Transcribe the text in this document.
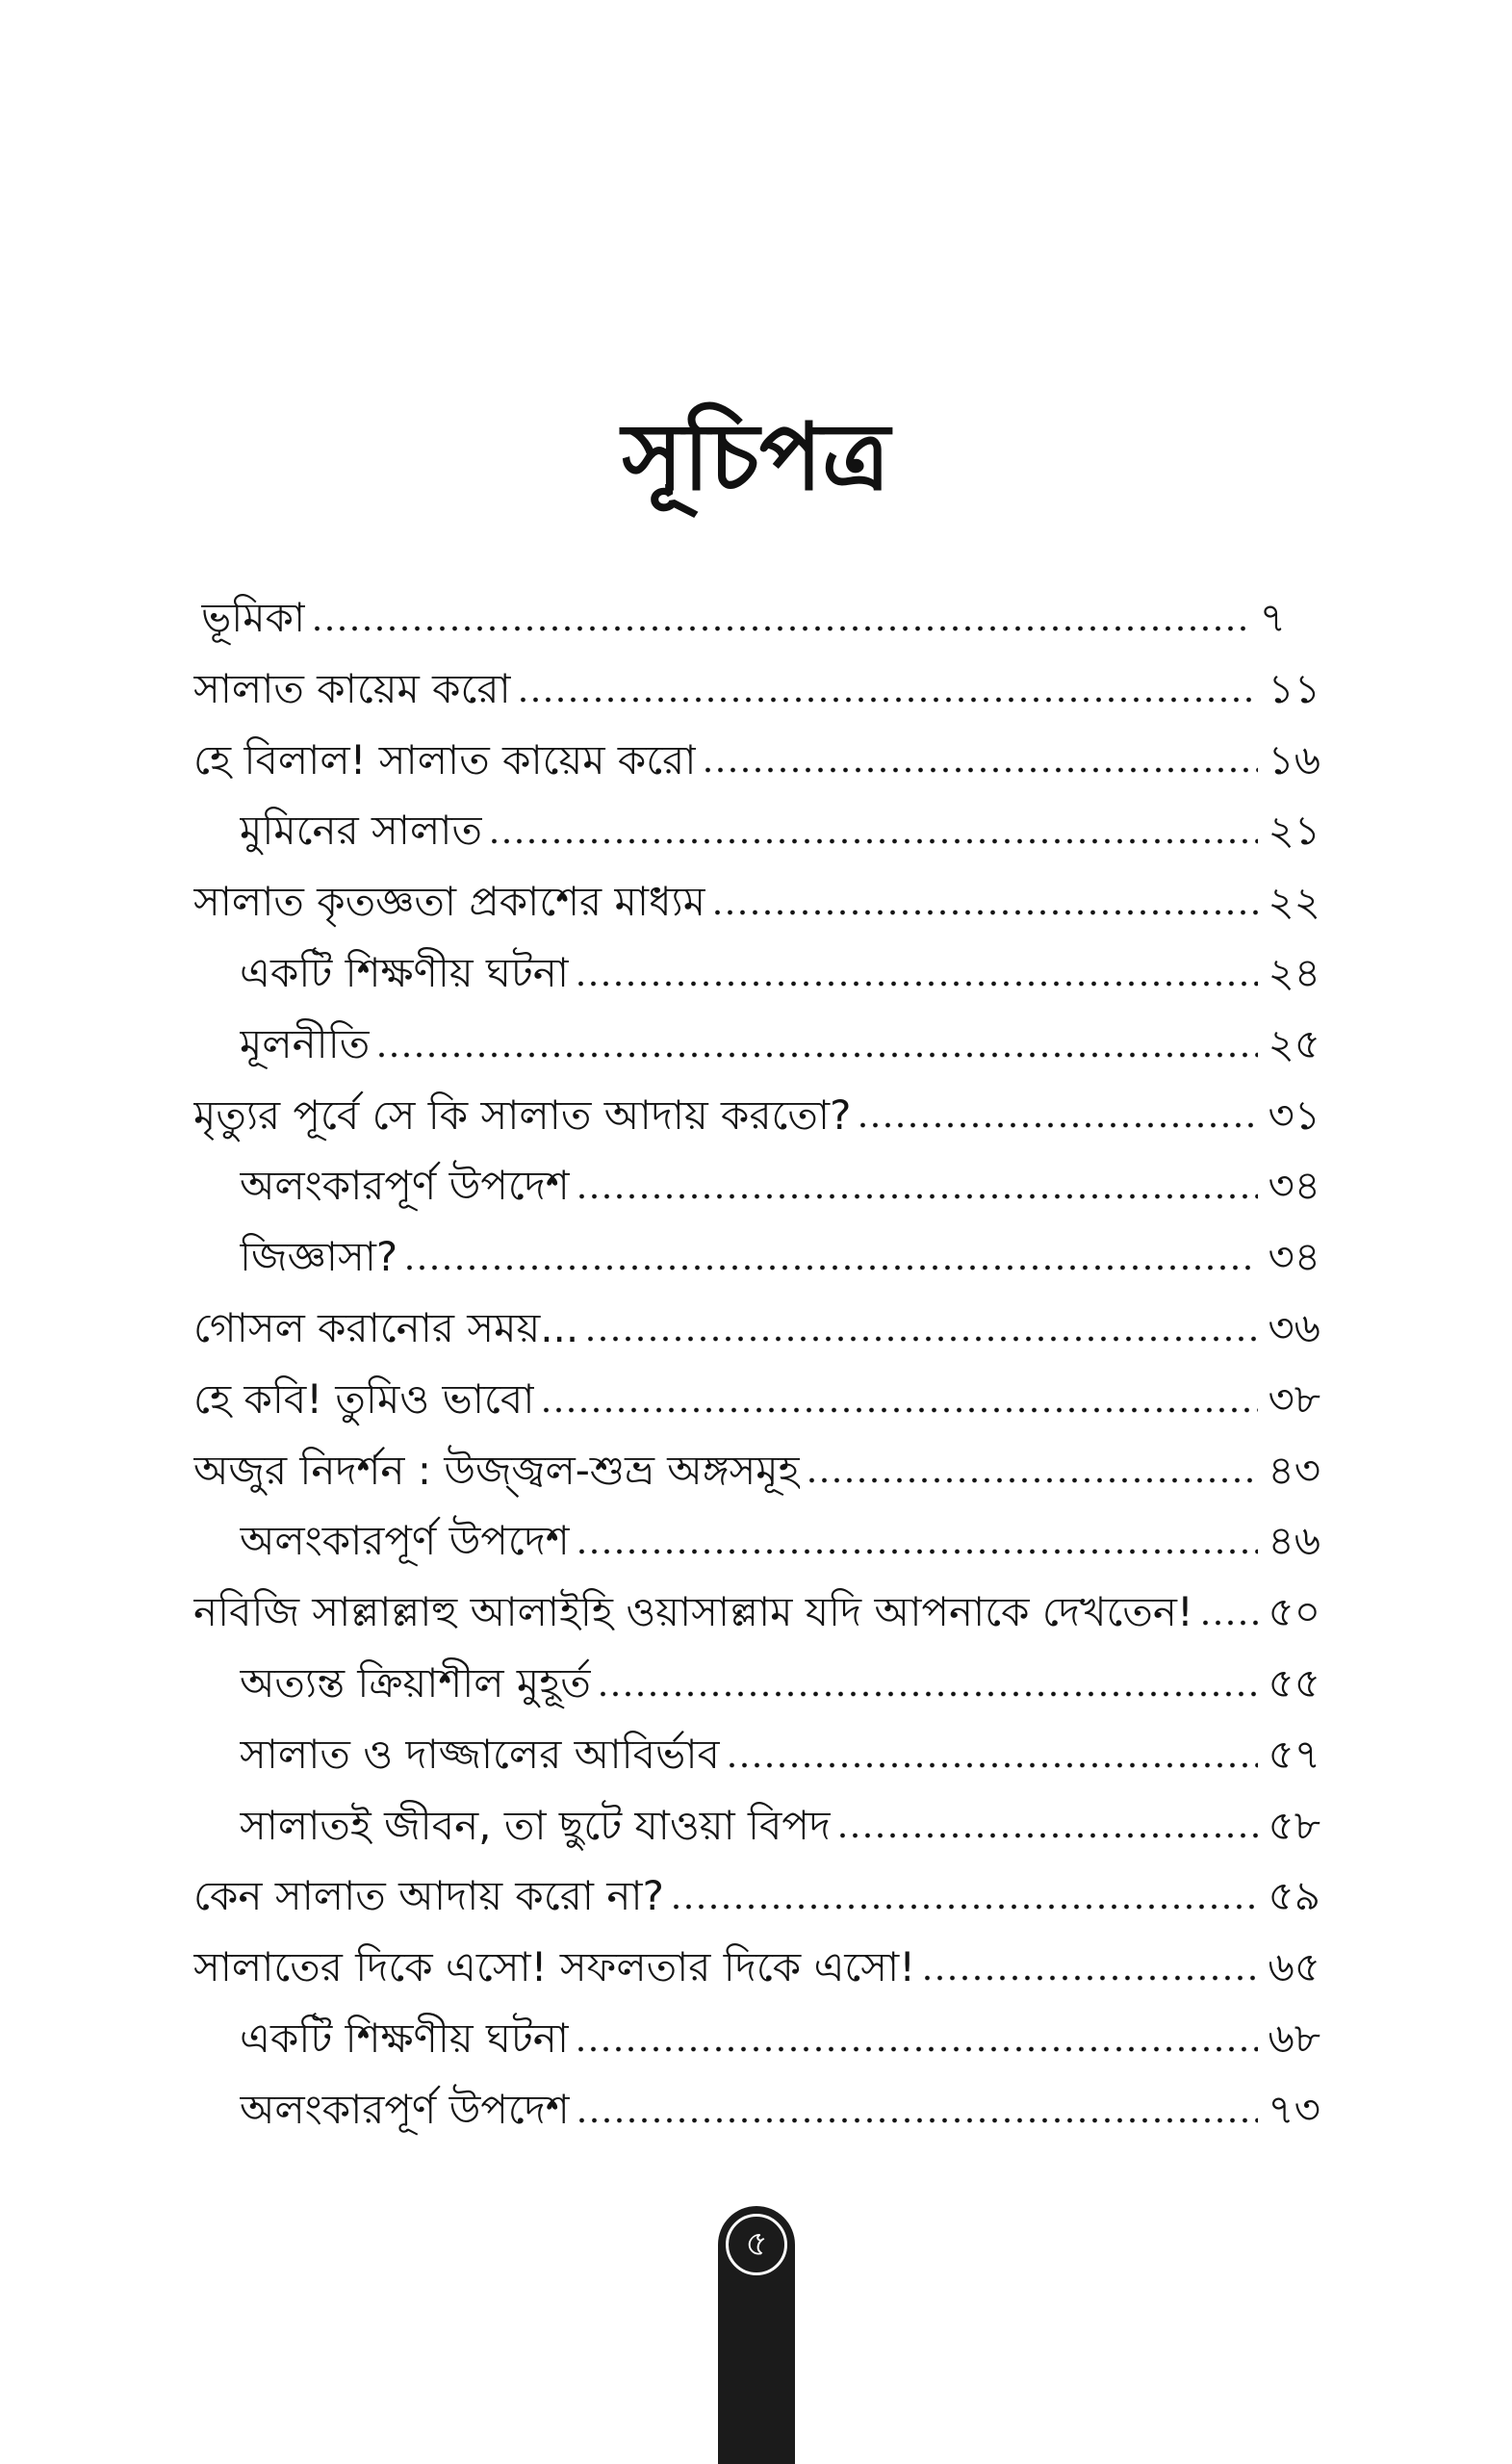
সূচিপত্র
ভূমিকা	৭
সালাত কায়েম করো	১১
হে বিলাল! সালাত কায়েম করো	১৬
মুমিনের সালাত	২১
সালাত কৃতজ্ঞতা প্রকাশের মাধ্যম	২২
একটি শিক্ষণীয় ঘটনা	২৪
মূলনীতি	২৫
মৃত্যুর পূর্বে সে কি সালাত আদায় করতো?	৩১
অলংকারপূর্ণ উপদেশ	৩৪
জিজ্ঞাসা?	৩৪
গোসল করানোর সময়...	৩৬
হে কবি! তুমিও ভাবো	৩৮
অজুর নিদর্শন : উজ্জ্বল-শুভ্র অঙ্গসমূহ	৪৩
অলংকারপূর্ণ উপদেশ	৪৬
নবিজি সাল্লাল্লাহু আলাইহি ওয়াসাল্লাম যদি আপনাকে দেখতেন! ৫০
অত্যন্ত ক্রিয়াশীল মুহূর্ত	৫৫
সালাত ও দাজ্জালের আবির্ভাব	৫৭
সালাতই জীবন, তা ছুটে যাওয়া বিপদ	৫৮
কেন সালাত আদায় করো না?	৫৯
সালাতের দিকে এসো! সফলতার দিকে এসো!	৬৫
একটি শিক্ষণীয় ঘটনা	৬৮
অলংকারপূর্ণ উপদেশ	৭৩
৫
